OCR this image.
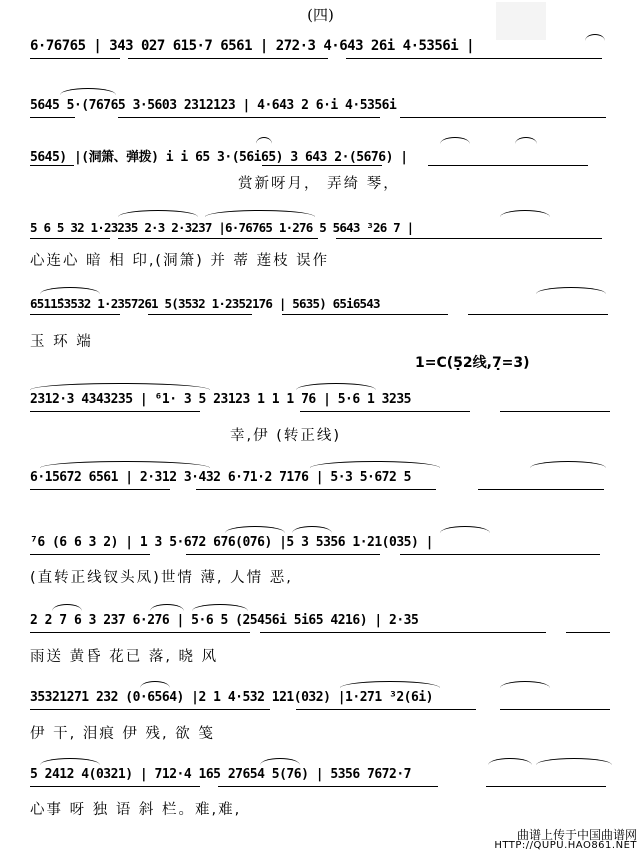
(四)
6·76765 | 343 027 615·7 6561 | 272·3 4·643 26i 4·5356i |
5645 5·(76765 3·5603 2312123 | 4·643 2 6·i 4·5356i
5645) |(洞箫、弹拨) i i 65 3·(56i65) 3 643 2·(5676) |
赏新呀月， 弄绮 琴，
5 6 5 32 1·23235 2·3 2·3237 |6·76765 1·276 5 5643 ³26 7 |
心连心 暗 相 印,(洞箫) 并 蒂 莲枝 误作
6511̂53532 1·2357261 5(3532 1·2352176 | 5635) 65i6543
玉 环 端
1=C(5̣2线,7̣=3)
2312·3 4343235 | ⁶1· 3 5 23123 1 1 1 76 | 5·6 1 3235
幸,伊 (转正线)
6·15672 6561 | 2·312 3·432 6·71·2 7176 | 5·3 5·672 5
⁷6 (6 6 3 2) | 1 3 5·672 676(076) |5 3 5356 1·21(035) |
(直转正线钗头凤)世情 薄, 人情 恶,
2 2 7 6 3 237 6·276 | 5·6 5 (25456i 5i65 4216) | 2·35
雨送 黄昏 花已 落, 晓 风
35321271 232 (0·6564) |2 1 4·532 121(032) |1·271 ³2(6i)
伊 干, 泪痕 伊 残, 欲 笺
5 2412 4(0321) | 712·4 165 27654 5(76) | 5356 7672·7
心事 呀 独 语 斜 栏。难,难,
曲谱上传于中国曲谱网
HTTP://QUPU.HAO861.NET
